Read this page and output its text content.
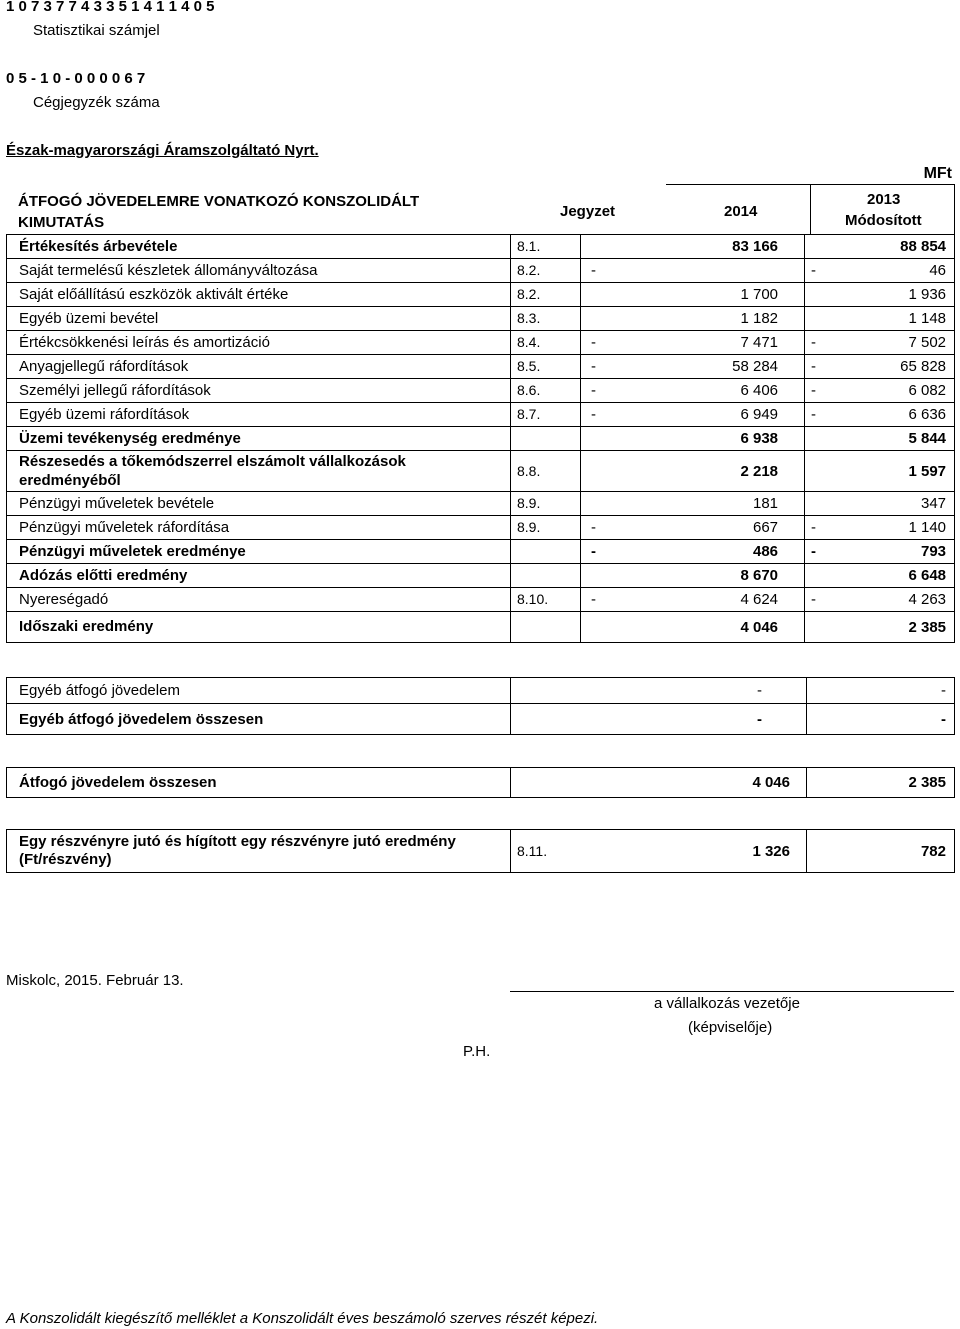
1 0 7 3 7 7 4 3 3 5 1 4 1 1 4 0 5
Statisztikai számjel
0 5 - 1 0 - 0 0 0 0 6 7
Cégjegyzék száma
Észak-magyarországi Áramszolgáltató Nyrt.
MFt
ÁTFOGÓ JÖVEDELEMRE VONATKOZÓ KONSZOLIDÁLT KIMUTATÁS
Jegyzet	2014
2013
Módosított
Értékesítés árbevétele	8.1.		83 166		88 854
Saját termelésű készletek állományváltozása	8.2.	-		-	46
Saját előállítású eszközök aktivált értéke	8.2.		1 700		1 936
Egyéb üzemi bevétel	8.3.		1 182		1 148
Értékcsökkenési leírás és amortizáció	8.4.	-	7 471	-	7 502
Anyagjellegű ráfordítások	8.5.	-	58 284	-	65 828
Személyi jellegű ráfordítások	8.6.	-	6 406	-	6 082
Egyéb üzemi ráfordítások	8.7.	-	6 949	-	6 636
Üzemi tevékenység eredménye			6 938		5 844
Részesedés a tőkemódszerrel elszámolt vállalkozások eredményéből	8.8.		2 218		1 597
Pénzügyi műveletek bevétele	8.9.		181		347
Pénzügyi műveletek ráfordítása	8.9.	-	667	-	1 140
Pénzügyi műveletek eredménye		-	486	-	793
Adózás előtti eredmény			8 670		6 648
Nyereségadó	8.10.	-	4 624	-	4 263
Időszaki eredmény			4 046		2 385
Egyéb átfogó jövedelem	-	-
Egyéb átfogó jövedelem összesen	-	-
Átfogó jövedelem összesen	4 046	2 385
Egy részvényre jutó és hígított egy részvényre jutó eredmény (Ft/részvény)	8.11.	1 326	782
Miskolc, 2015. Február 13.
a vállalkozás vezetője
(képviselője)
P.H.
A Konszolidált kiegészítő melléklet a Konszolidált éves beszámoló szerves részét képezi.
